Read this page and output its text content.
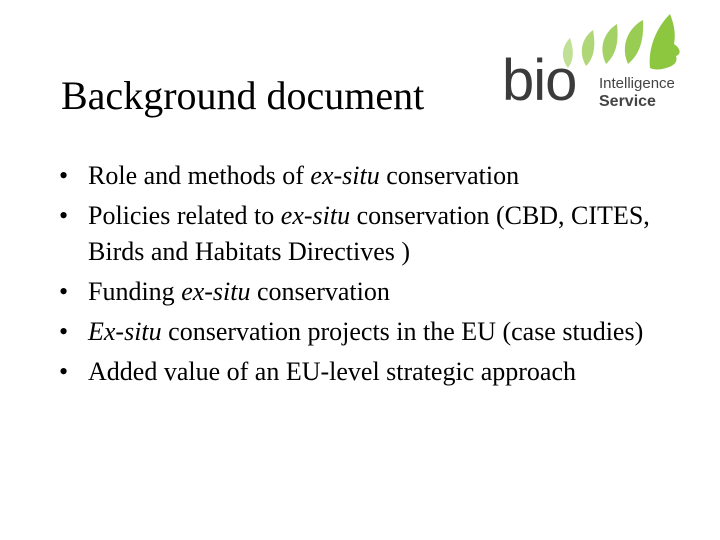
Background document bio Intelligence
Service
• Role and methods of ex-situ conservation
• Policies related to ex-situ conservation (CBD, CITES, Birds and Habitats Directives )
• Funding ex-situ conservation
• Ex-situ conservation projects in the EU (case studies)
• Added value of an EU-level strategic approach
